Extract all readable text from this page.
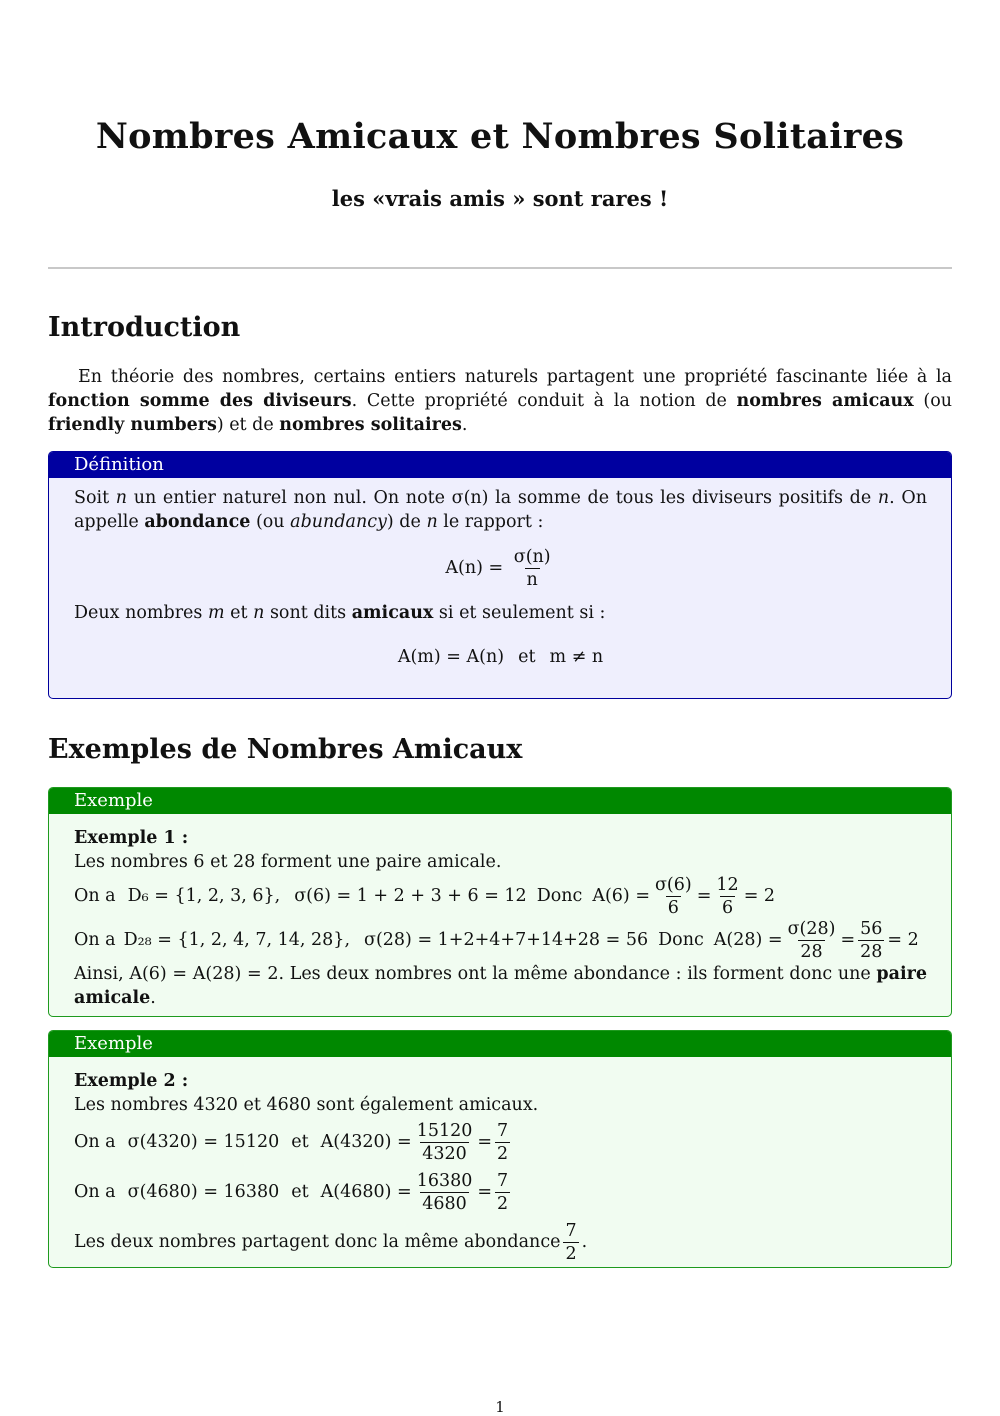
Nombres Amicaux et Nombres Solitaires
les «vrais amis » sont rares !
Introduction
En théorie des nombres, certains entiers naturels partagent une propriété fascinante liée à la fonction somme des diviseurs. Cette propriété conduit à la notion de nombres amicaux (ou friendly numbers) et de nombres solitaires.
Définition
Soit n un entier naturel non nul. On note σ(n) la somme de tous les diviseurs positifs de n. On appelle abondance (ou abundancy) de n le rapport :
$A(n) = \frac{\sigma(n)}{n}$
Deux nombres m et n sont dits amicaux si et seulement si :
A(m) = A(n) et m ≠ n
Exemples de Nombres Amicaux
Exemple
Exemple 1 :
Les nombres 6 et 28 forment une paire amicale.
On a D₆ = {1, 2, 3, 6}, σ(6) = 1 + 2 + 3 + 6 = 12 Donc $A(6) = \frac{\sigma(6)}{6} = \frac{12}{6} = 2$
On a D₂₈ = {1, 2, 4, 7, 14, 28}, σ(28) = 1+2+4+7+14+28 = 56 Donc $A(28) = \frac{\sigma(28)}{28} = \frac{56}{28} = 2$
Ainsi, A(6) = A(28) = 2. Les deux nombres ont la même abondance : ils forment donc une paire amicale.
Exemple
Exemple 2 :
Les nombres 4320 et 4680 sont également amicaux.
On a σ(4320) = 15120 et $A(4320) = \frac{15120}{4320} = \frac{7}{2}$
On a σ(4680) = 16380 et $A(4680) = \frac{16380}{4680} = \frac{7}{2}$
Les deux nombres partagent donc la même abondance $\frac{7}{2}$ .
1
